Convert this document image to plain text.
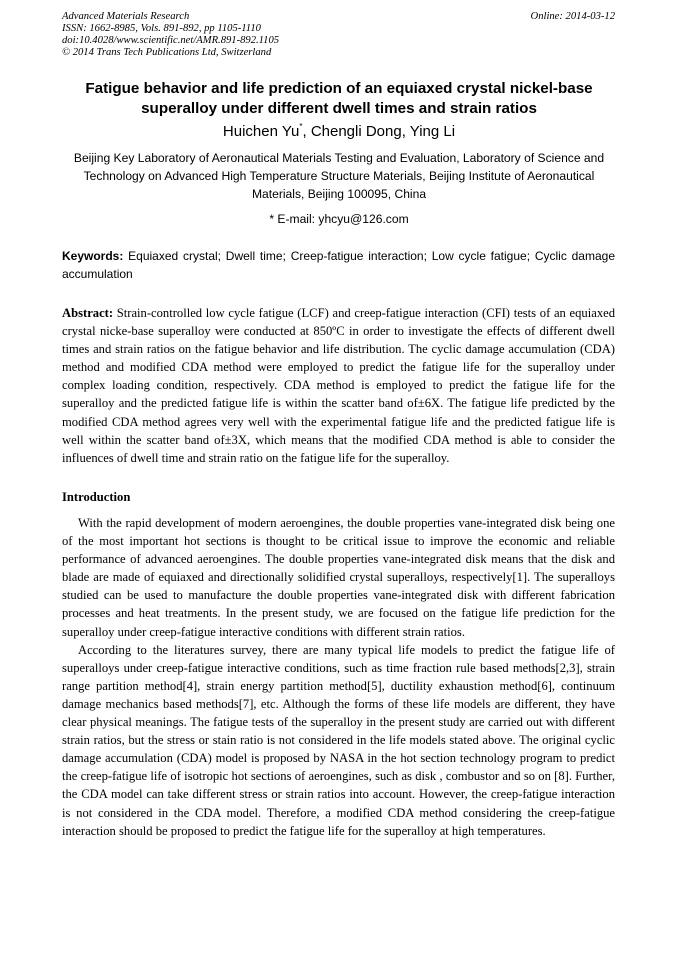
Advanced Materials Research
ISSN: 1662-8985, Vols. 891-892, pp 1105-1110
doi:10.4028/www.scientific.net/AMR.891-892.1105
© 2014 Trans Tech Publications Ltd, Switzerland
Online: 2014-03-12
Fatigue behavior and life prediction of an equiaxed crystal nickel-base
superalloy under different dwell times and strain ratios
Huichen Yu*, Chengli Dong, Ying Li
Beijing Key Laboratory of Aeronautical Materials Testing and Evaluation, Laboratory of Science and
Technology on Advanced High Temperature Structure Materials, Beijing Institute of Aeronautical
Materials, Beijing 100095, China
* E-mail: yhcyu@126.com
Keywords: Equiaxed crystal; Dwell time; Creep-fatigue interaction; Low cycle fatigue; Cyclic damage accumulation
Abstract: Strain-controlled low cycle fatigue (LCF) and creep-fatigue interaction (CFI) tests of an equiaxed crystal nicke-base superalloy were conducted at 850ºC in order to investigate the effects of different dwell times and strain ratios on the fatigue behavior and life distribution. The cyclic damage accumulation (CDA) method and modified CDA method were employed to predict the fatigue life for the superalloy under complex loading condition, respectively. CDA method is employed to predict the fatigue life for the superalloy and the predicted fatigue life is within the scatter band of±6X. The fatigue life predicted by the modified CDA method agrees very well with the experimental fatigue life and the predicted fatigue life is well within the scatter band of±3X, which means that the modified CDA method is able to consider the influences of dwell time and strain ratio on the fatigue life for the superalloy.
Introduction

With the rapid development of modern aeroengines, the double properties vane-integrated disk being one of the most important hot sections is thought to be critical issue to improve the economic and reliable performance of advanced aeroengines. The double properties vane-integrated disk means that the disk and blade are made of equiaxed and directionally solidified crystal superalloys, respectively[1]. The superalloys studied can be used to manufacture the double properties vane-integrated disk with different fabrication processes and heat treatments. In the present study, we are focused on the fatigue life prediction for the superalloy under creep-fatigue interactive conditions with different strain ratios.

According to the literatures survey, there are many typical life models to predict the fatigue life of superalloys under creep-fatigue interactive conditions, such as time fraction rule based methods[2,3], strain range partition method[4], strain energy partition method[5], ductility exhaustion method[6], continuum damage mechanics based methods[7], etc. Although the forms of these life models are different, they have clear physical meanings. The fatigue tests of the superalloy in the present study are carried out with different strain ratios, but the stress or stain ratio is not considered in the life models stated above. The original cyclic damage accumulation (CDA) model is proposed by NASA in the hot section technology program to predict the creep-fatigue life of isotropic hot sections of aeroengines, such as disk , combustor and so on [8]. Further, the CDA model can take different stress or strain ratios into account. However, the creep-fatigue interaction is not considered in the CDA model. Therefore, a modified CDA method considering the creep-fatigue interaction should be proposed to predict the fatigue life for the superalloy at high temperatures.
